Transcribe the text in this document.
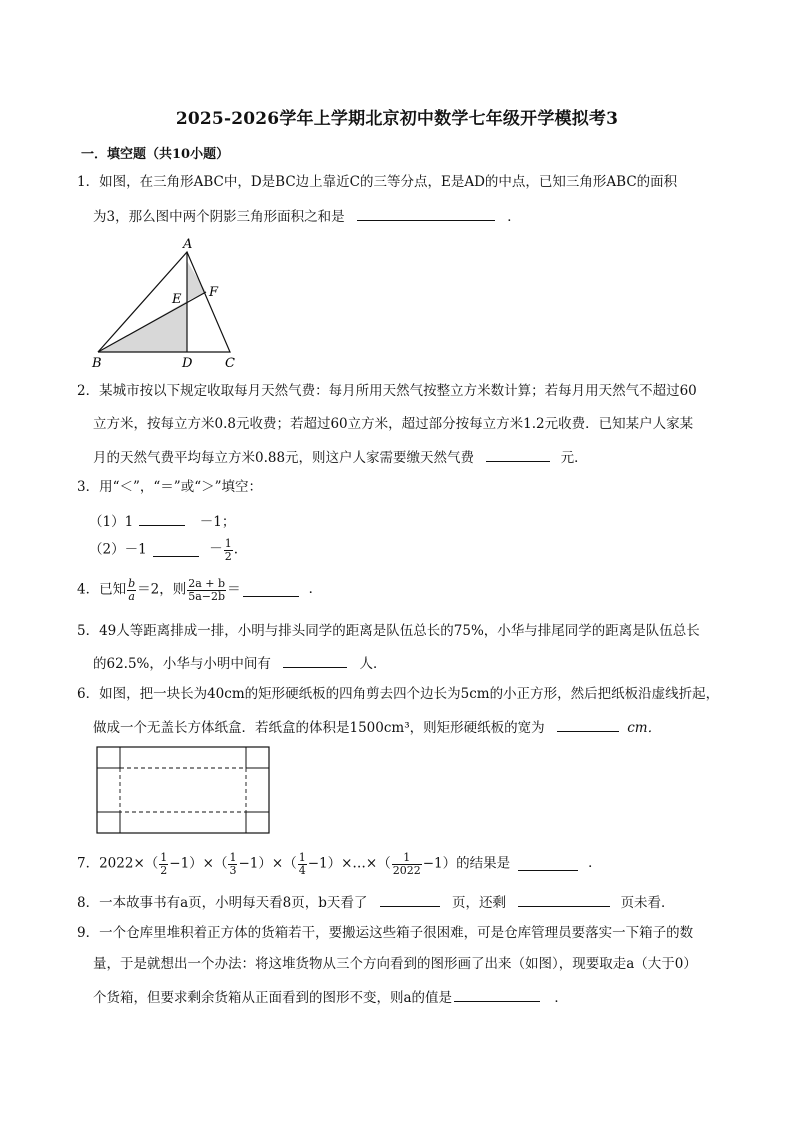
2025-2026学年上学期北京初中数学七年级开学模拟考3
一．填空题（共10小题）
1．如图，在三角形ABC中，D是BC边上靠近C的三等分点，E是AD的中点，已知三角形ABC的面积
为3，那么图中两个阴影三角形面积之和是	．
A
B	C
D
E F
2．某城市按以下规定收取每月天然气费：每月所用天然气按整立方米数计算；若每月用天然气不超过60
立方米，按每立方米0.8元收费；若超过60立方米，超过部分按每立方米1.2元收费．已知某户人家某
月的天然气费平均每立方米0.88元，则这户人家需要缴天然气费	元．
3．用“＜”，“＝”或“＞”填空：
（1）1	－1；
（2）－1	－ $\frac{1}{2}$ .
4．已知 $\frac{b}{a} =2$，则 $\frac{2a + b}{5a-2b}$ ＝	．
5．49人等距离排成一排，小明与排头同学的距离是队伍总长的75%，小华与排尾同学的距离是队伍总长
的62.5%，小华与小明中间有	人．
6．如图，把一块长为40cm的矩形硬纸板的四角剪去四个边长为5cm的小正方形，然后把纸板沿虚线折起，
做成一个无盖长方体纸盒．若纸盒的体积是1500cm³，则矩形硬纸板的宽为	cm．
7．$2022\times( \frac{1}{2} -1)\times( \frac{1}{3} -1)\times( \frac{1}{4}$ −1）×…×（ $\frac{1}{2022} -1$）的结果是	．
8．一本故事书有a页，小明每天看8页，b天看了	页，还剩	页未看．
9．一个仓库里堆积着正方体的货箱若干，要搬运这些箱子很困难，可是仓库管理员要落实一下箱子的数
量，于是就想出一个办法：将这堆货物从三个方向看到的图形画了出来（如图），现要取走a（大于0）
个货箱，但要求剩余货箱从正面看到的图形不变，则a的值是	．
